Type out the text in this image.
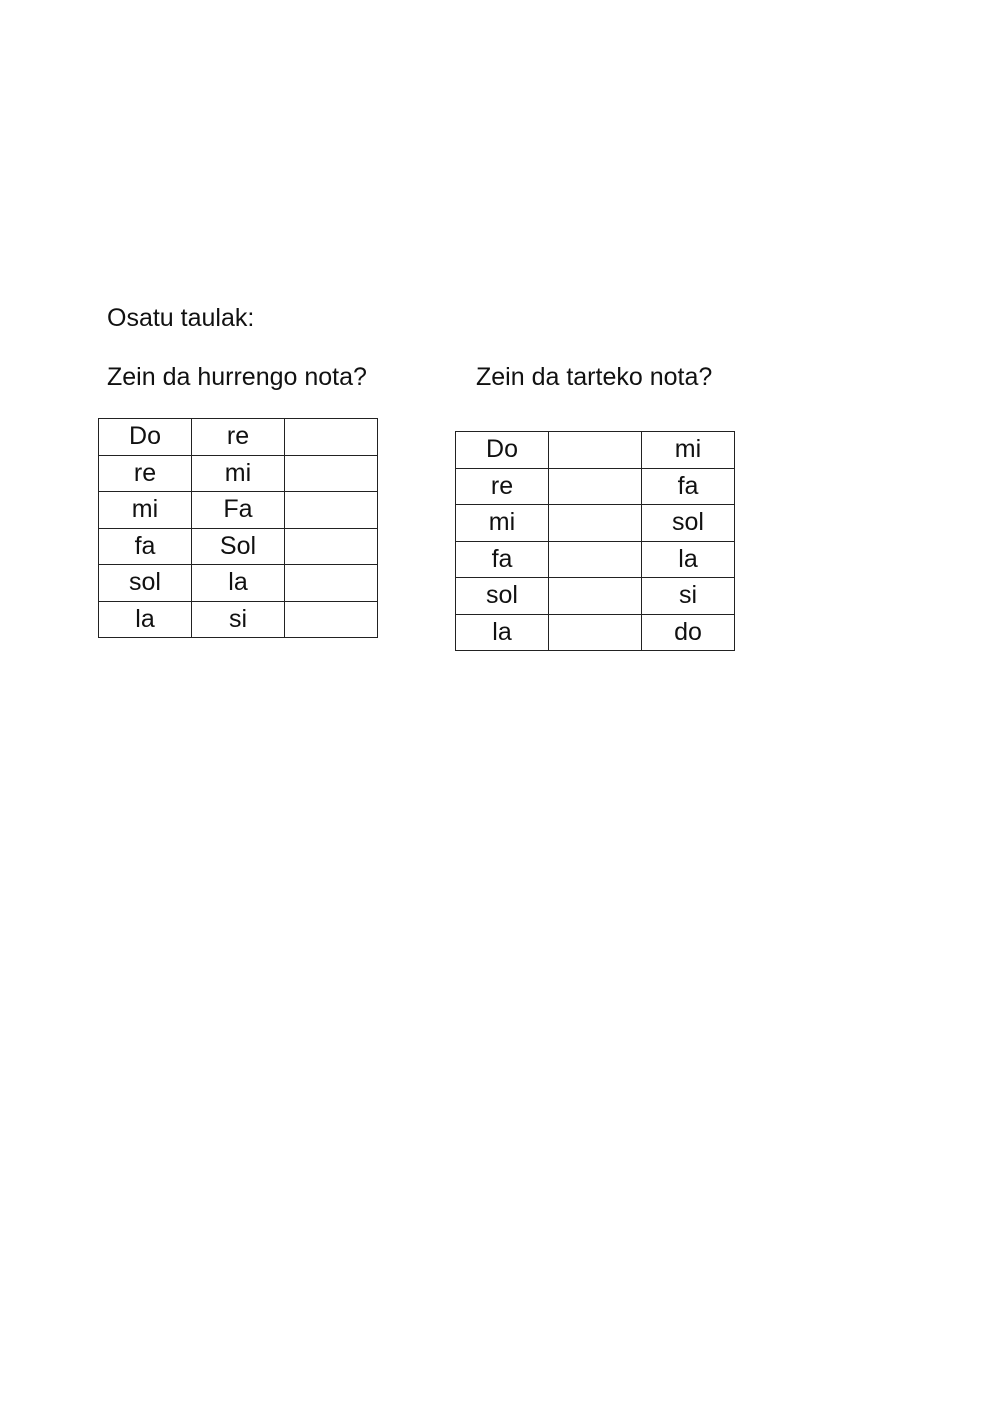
Osatu taulak:
Zein da hurrengo nota?	Zein da tarteko nota?
Do	re	
re	mi	
mi	Fa	
fa	Sol	
sol	la	
la	si	
Do		mi
re		fa
mi		sol
fa		la
sol		si
la		do
